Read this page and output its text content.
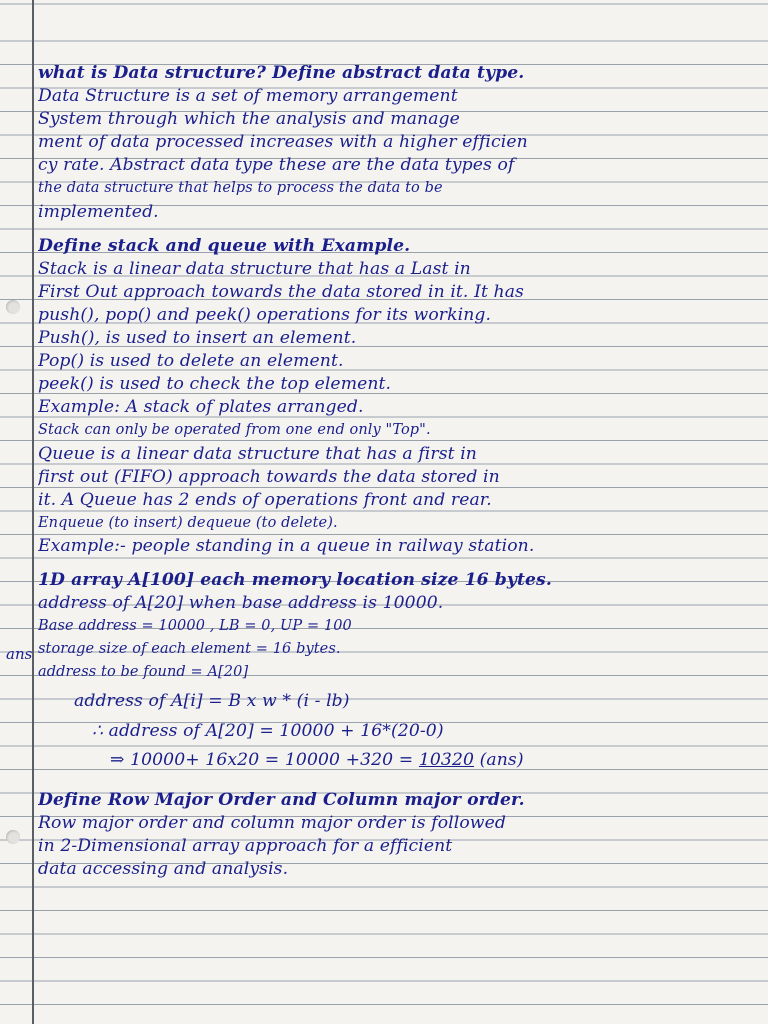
ans
what is Data structure? Define abstract data type.
Data Structure is a set of memory arrangement
System through which the analysis and manage
ment of data processed increases with a higher efficien
cy rate. Abstract data type these are the data types of
the data structure that helps to process the data to be
implemented.
Define stack and queue with Example.
Stack is a linear data structure that has a Last in
First Out approach towards the data stored in it. It has
push(), pop() and peek() operations for its working.
Push(), is used to insert an element.
Pop() is used to delete an element.
peek() is used to check the top element.
Example: A stack of plates arranged.
Stack can only be operated from one end only "Top".
Queue is a linear data structure that has a first in
first out (FIFO) approach towards the data stored in
it. A Queue has 2 ends of operations front and rear.
Enqueue (to insert) dequeue (to delete).
Example:- people standing in a queue in railway station.
1D array A[100] each memory location size 16 bytes.
address of A[20] when base address is 10000.
Base address = 10000 , LB = 0, UP = 100
storage size of each element = 16 bytes.
address to be found = A[20]
address of A[i] = B x w * (i - lb)
∴ address of A[20] = 10000 + 16*(20-0)
⇒ 10000+ 16x20 = 10000 +320 = 10320 (ans)
Define Row Major Order and Column major order.
Row major order and column major order is followed
in 2-Dimensional array approach for a efficient
data accessing and analysis.
